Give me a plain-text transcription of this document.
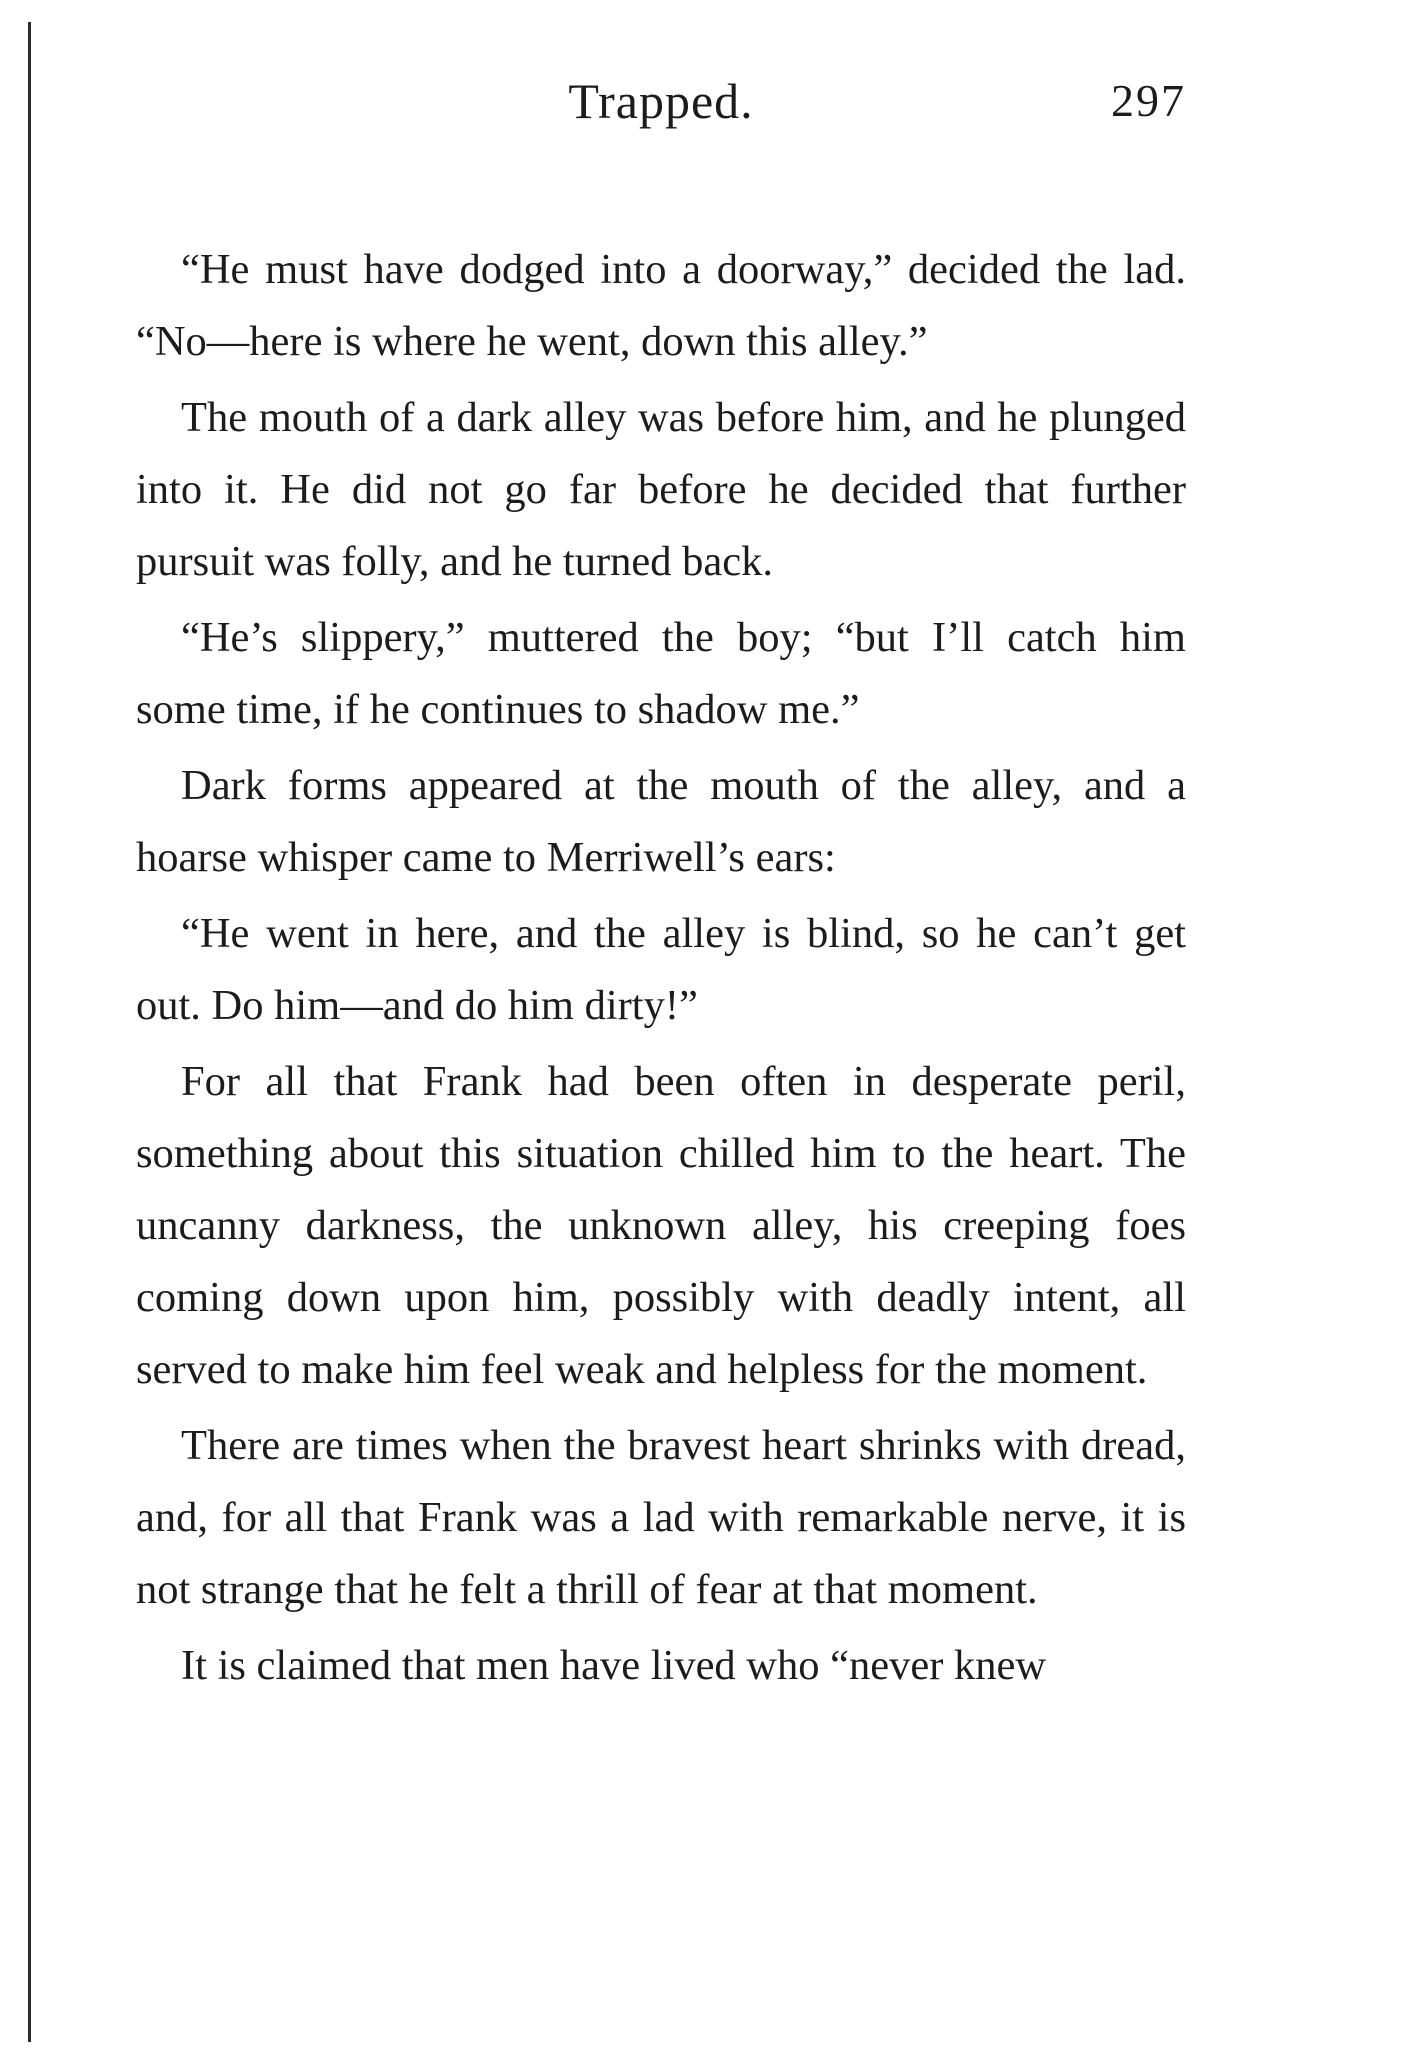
Trapped.	297

“He must have dodged into a doorway,” decided the lad. “No—here is where he went, down this alley.”

The mouth of a dark alley was before him, and he plunged into it. He did not go far before he decided that further pursuit was folly, and he turned back.

“He’s slippery,” muttered the boy; “but I’ll catch him some time, if he continues to shadow me.”

Dark forms appeared at the mouth of the alley, and a hoarse whisper came to Merriwell’s ears:

“He went in here, and the alley is blind, so he can’t get out. Do him—and do him dirty!”

For all that Frank had been often in desperate peril, something about this situation chilled him to the heart. The uncanny darkness, the unknown alley, his creeping foes coming down upon him, possibly with deadly intent, all served to make him feel weak and helpless for the moment.

There are times when the bravest heart shrinks with dread, and, for all that Frank was a lad with remarkable nerve, it is not strange that he felt a thrill of fear at that moment.

It is claimed that men have lived who “never knew
